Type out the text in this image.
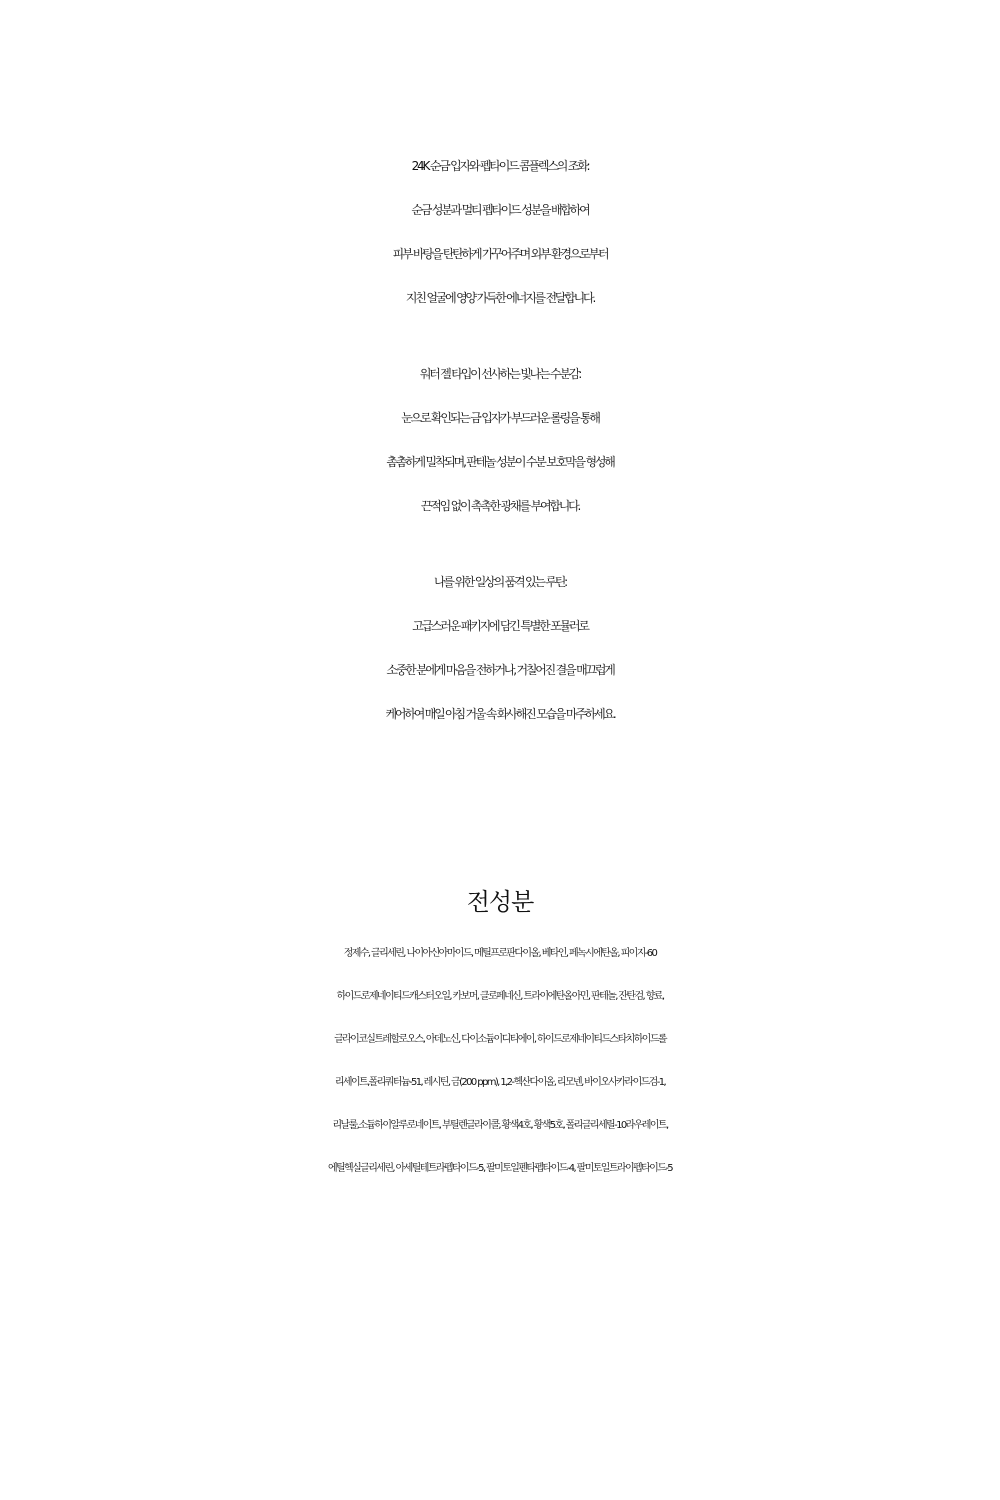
24K 순금 입자와 펩타이드 콤플렉스의 조화:
순금 성분과 멀티 펩타이드 성분을 배합하여
피부 바탕을 탄탄하게 가꾸어주며 외부 환경으로부터
지친 얼굴에 영양 가득한 에너지를 전달합니다.
워터 젤 타입이 선사하는 빛나는 수분감:
눈으로 확인되는 금 입자가 부드러운 롤링을 통해
촘촘하게 밀착되며, 판테놀 성분이 수분 보호막을 형성해
끈적임 없이 촉촉한 광채를 부여합니다.
나를 위한 일상의 품격 있는 루틴:
고급스러운 패키지에 담긴 특별한 포뮬러로
소중한 분에게 마음을 전하거나, 거칠어진 결을 매끄럽게
케어하여 매일 아침 거울 속 화사해진 모습을 마주하세요.
전성분
정제수, 글리세린, 나이아신아마이드, 메틸프로판다이올, 베타인, 페녹시에탄올, 피이지-60
하이드로제네이티드캐스터오일, 카보머, 클로페네신, 트라이에탄올아민, 판테놀, 잔탄검, 향료,
글라이코실트레할로오스, 아데노신, 다이소듐이디티에이, 하이드로제네이티드스타치하이드롤
리세이트,폴리쿼터늄-51, 레시틴, 금(200 ppm), 1,2-헥산다이올, 리모넨, 바이오사카라이드검-1,
리날룰,소듐하이알루로네이트, 부틸렌글라이콜, 황색4호, 황색5호, 폴리글리세릴-10라우레이트,
에틸헥실글리세린, 아세틸테트라펩타이드-5, 팔미토일펜타펩타이드-4, 팔미토일트라이펩타이드-5
